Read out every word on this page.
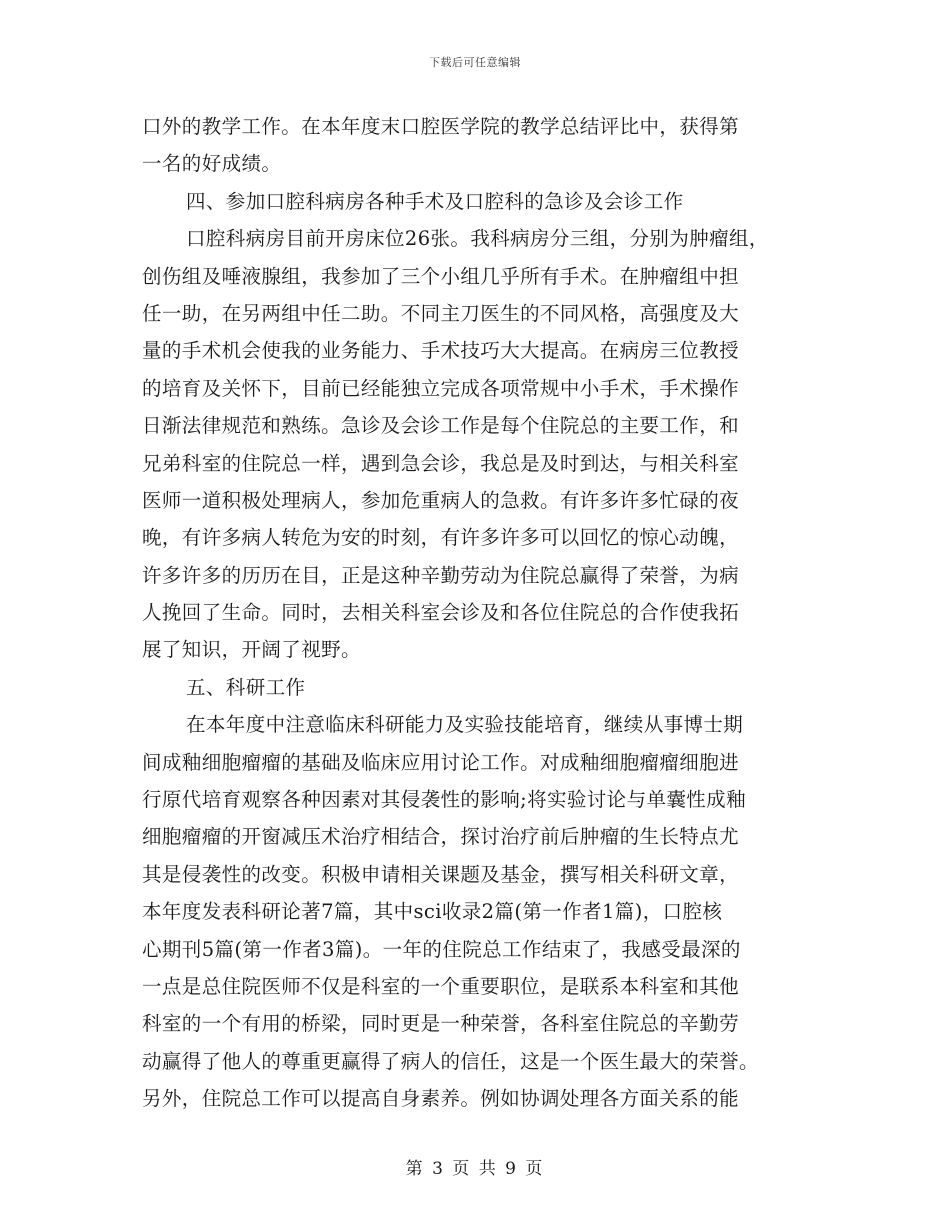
下载后可任意编辑
口外的教学工作。在本年度末口腔医学院的教学总结评比中，获得第
一名的好成绩。
四、参加口腔科病房各种手术及口腔科的急诊及会诊工作
口腔科病房目前开房床位26张。我科病房分三组，分别为肿瘤组，
创伤组及唾液腺组，我参加了三个小组几乎所有手术。在肿瘤组中担
任一助，在另两组中任二助。不同主刀医生的不同风格，高强度及大
量的手术机会使我的业务能力、手术技巧大大提高。在病房三位教授
的培育及关怀下，目前已经能独立完成各项常规中小手术，手术操作
日渐法律规范和熟练。急诊及会诊工作是每个住院总的主要工作，和
兄弟科室的住院总一样，遇到急会诊，我总是及时到达，与相关科室
医师一道积极处理病人，参加危重病人的急救。有许多许多忙碌的夜
晚，有许多病人转危为安的时刻，有许多许多可以回忆的惊心动魄，
许多许多的历历在目，正是这种辛勤劳动为住院总赢得了荣誉，为病
人挽回了生命。同时，去相关科室会诊及和各位住院总的合作使我拓
展了知识，开阔了视野。
五、科研工作
在本年度中注意临床科研能力及实验技能培育，继续从事博士期
间成釉细胞瘤瘤的基础及临床应用讨论工作。对成釉细胞瘤瘤细胞进
行原代培育观察各种因素对其侵袭性的影响;将实验讨论与单囊性成釉
细胞瘤瘤的开窗减压术治疗相结合，探讨治疗前后肿瘤的生长特点尤
其是侵袭性的改变。积极申请相关课题及基金，撰写相关科研文章，
本年度发表科研论著7篇，其中sci收录2篇(第一作者1篇)，口腔核
心期刊5篇(第一作者3篇)。一年的住院总工作结束了，我感受最深的
一点是总住院医师不仅是科室的一个重要职位，是联系本科室和其他
科室的一个有用的桥梁，同时更是一种荣誉，各科室住院总的辛勤劳
动赢得了他人的尊重更赢得了病人的信任，这是一个医生最大的荣誉。
另外，住院总工作可以提高自身素养。例如协调处理各方面关系的能
第 3 页 共 9 页
